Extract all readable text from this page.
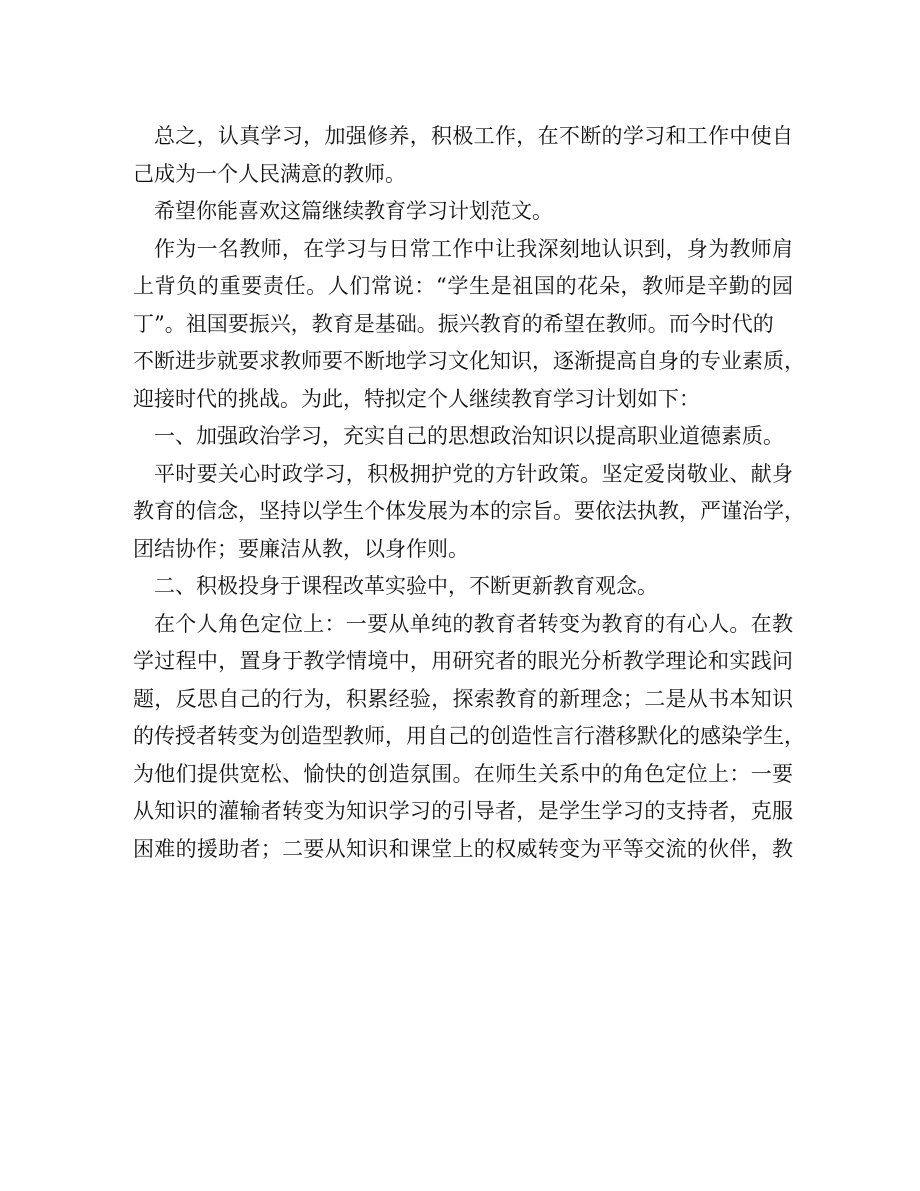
总之，认真学习，加强修养，积极工作，在不断的学习和工作中使自
己成为一个人民满意的教师。
希望你能喜欢这篇继续教育学习计划范文。
作为一名教师，在学习与日常工作中让我深刻地认识到，身为教师肩
上背负的重要责任。人们常说：“学生是祖国的花朵，教师是辛勤的园
丁”。祖国要振兴，教育是基础。振兴教育的希望在教师。而今时代的
不断进步就要求教师要不断地学习文化知识，逐渐提高自身的专业素质，
迎接时代的挑战。为此，特拟定个人继续教育学习计划如下：
一、加强政治学习，充实自己的思想政治知识以提高职业道德素质。
平时要关心时政学习，积极拥护党的方针政策。坚定爱岗敬业、献身
教育的信念，坚持以学生个体发展为本的宗旨。要依法执教，严谨治学，
团结协作；要廉洁从教，以身作则。
二、积极投身于课程改革实验中，不断更新教育观念。
在个人角色定位上：一要从单纯的教育者转变为教育的有心人。在教
学过程中，置身于教学情境中，用研究者的眼光分析教学理论和实践问
题，反思自己的行为，积累经验，探索教育的新理念；二是从书本知识
的传授者转变为创造型教师，用自己的创造性言行潜移默化的感染学生，
为他们提供宽松、愉快的创造氛围。在师生关系中的角色定位上：一要
从知识的灌输者转变为知识学习的引导者，是学生学习的支持者，克服
困难的援助者；二要从知识和课堂上的权威转变为平等交流的伙伴，教
